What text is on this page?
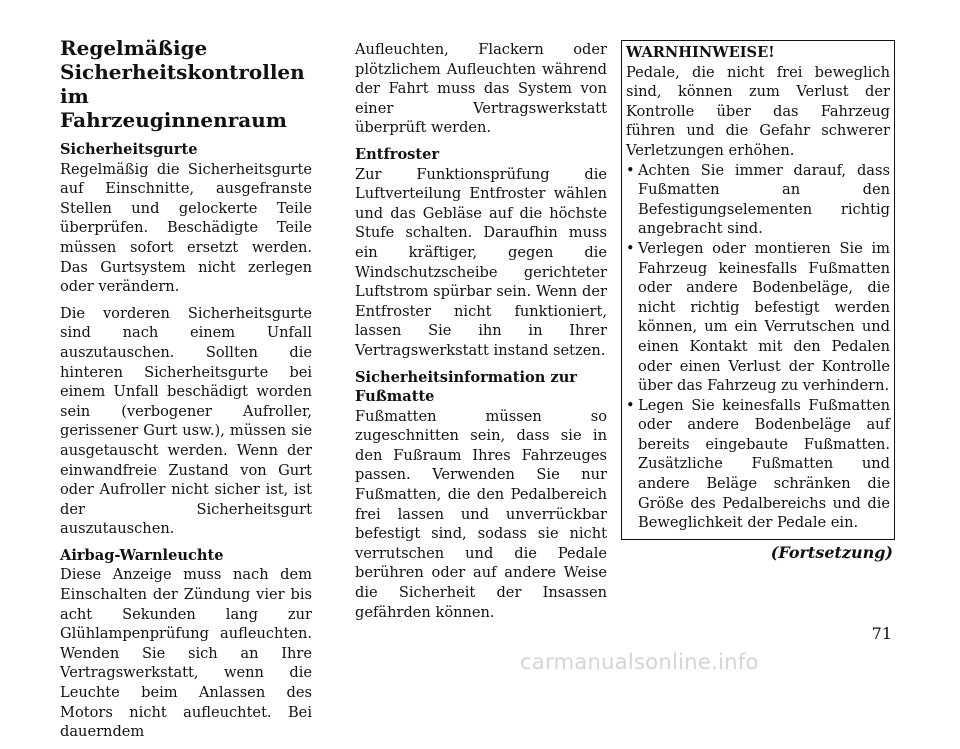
Regelmäßige Sicherheitskontrollen im Fahrzeuginnenraum
Sicherheitsgurte

Regelmäßig die Sicherheitsgurte auf Einschnitte, ausgefranste Stellen und gelockerte Teile überprüfen. Beschädigte Teile müssen sofort ersetzt werden. Das Gurtsystem nicht zerlegen oder verändern.

Die vorderen Sicherheitsgurte sind nach einem Unfall auszutauschen. Sollten die hinteren Sicherheitsgurte bei einem Unfall beschädigt worden sein (verbogener Aufroller, gerissener Gurt usw.), müssen sie ausgetauscht werden. Wenn der einwandfreie Zustand von Gurt oder Aufroller nicht sicher ist, ist der Sicherheitsgurt auszutauschen.

Airbag-Warnleuchte

Diese Anzeige muss nach dem Einschalten der Zündung vier bis acht Sekunden lang zur Glühlampenprüfung aufleuchten. Wenden Sie sich an Ihre Vertragswerkstatt, wenn die Leuchte beim Anlassen des Motors nicht aufleuchtet. Bei dauerndem

Aufleuchten, Flackern oder plötzlichem Aufleuchten während der Fahrt muss das System von einer Vertragswerkstatt überprüft werden.

Entfroster

Zur Funktionsprüfung die Luftverteilung Entfroster wählen und das Gebläse auf die höchste Stufe schalten. Daraufhin muss ein kräftiger, gegen die Windschutzscheibe gerichteter Luftstrom spürbar sein. Wenn der Entfroster nicht funktioniert, lassen Sie ihn in Ihrer Vertragswerkstatt instand setzen.

Sicherheitsinformation zur Fußmatte

Fußmatten müssen so zugeschnitten sein, dass sie in den Fußraum Ihres Fahrzeuges passen. Verwenden Sie nur Fußmatten, die den Pedalbereich frei lassen und unverrückbar befestigt sind, sodass sie nicht verrutschen und die Pedale berühren oder auf andere Weise die Sicherheit der Insassen gefährden können.

WARNHINWEISE!
Pedale, die nicht frei beweglich sind, können zum Verlust der Kontrolle über das Fahrzeug führen und die Gefahr schwerer Verletzungen erhöhen.
• Achten Sie immer darauf, dass Fußmatten an den Befestigungselementen richtig angebracht sind.
• Verlegen oder montieren Sie im Fahrzeug keinesfalls Fußmatten oder andere Bodenbeläge, die nicht richtig befestigt werden können, um ein Verrutschen und einen Kontakt mit den Pedalen oder einen Verlust der Kontrolle über das Fahrzeug zu verhindern.
• Legen Sie keinesfalls Fußmatten oder andere Bodenbeläge auf bereits eingebaute Fußmatten. Zusätzliche Fußmatten und andere Beläge schränken die Größe des Pedalbereichs und die Beweglichkeit der Pedale ein.
(Fortsetzung)
71
carmanualsonline.info
